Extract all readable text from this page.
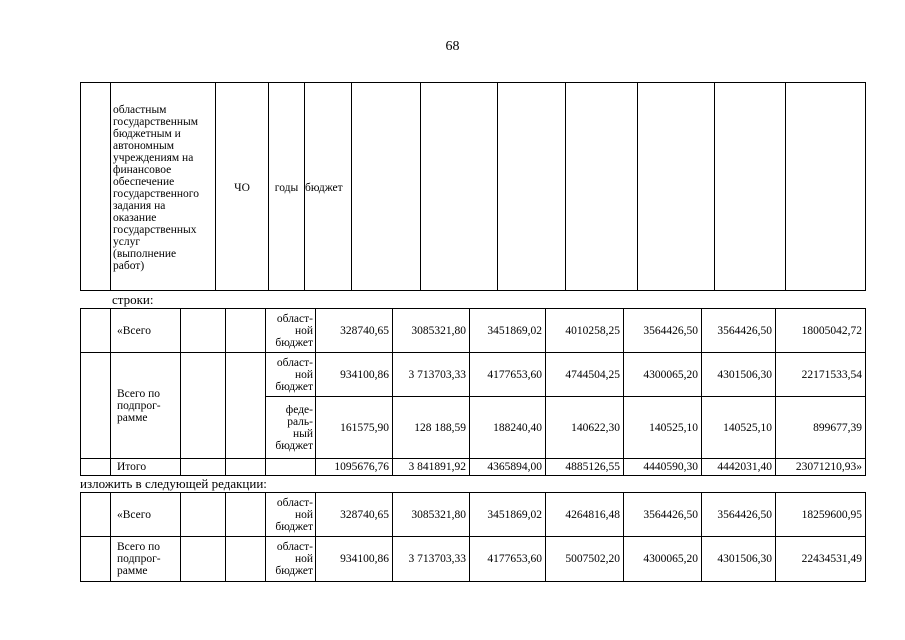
68
	областным
государственным
бюджетным и
автономным
учреждениям на
финансовое
обеспечение
государственного
задания на
оказание
государственных
услуг
(выполнение
работ)	ЧО	годы	бюджет							
строки:
	«Всего			област-
ной
бюджет	328740,65	3085321,80	3451869,02	4010258,25	3564426,50	3564426,50	18005042,72
	Всего по
подпрог-
рамме			област-
ной
бюджет	934100,86	3 713703,33	4177653,60	4744504,25	4300065,20	4301506,30	22171533,54
				феде-
раль-
ный
бюджет	161575,90	128 188,59	188240,40	140622,30	140525,10	140525,10	899677,39
	Итого				1095676,76	3 841891,92	4365894,00	4885126,55	4440590,30	4442031,40	23071210,93»
изложить в следующей редакции:
	«Всего			област-
ной
бюджет	328740,65	3085321,80	3451869,02	4264816,48	3564426,50	3564426,50	18259600,95
	Всего по
подпрог-
рамме			област-
ной
бюджет	934100,86	3 713703,33	4177653,60	5007502,20	4300065,20	4301506,30	22434531,49
